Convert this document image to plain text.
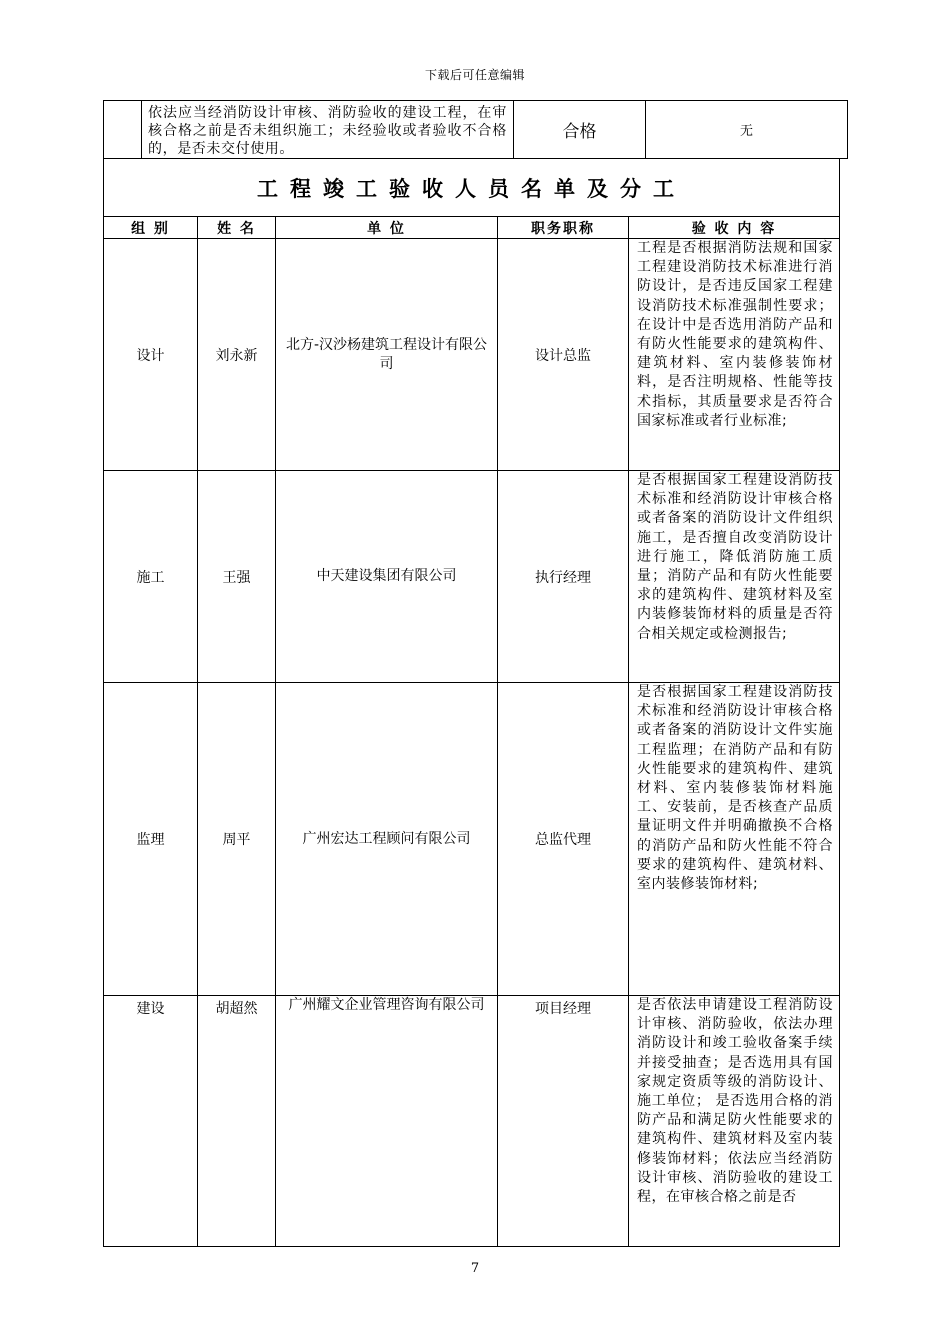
下载后可任意编辑
	依法应当经消防设计审核、消防验收的建设工程，在审核合格之前是否未组织施工；未经验收或者验收不合格的，是否未交付使用。	合格	无
工程竣工验收人员名单及分工				
组 别	姓 名	单 位	职务职称	验 收 内 容
设计	刘永新	北方-汉沙杨建筑工程设计有限公司	设计总监	工程是否根据消防法规和国家工程建设消防技术标准进行消防设计，是否违反国家工程建设消防技术标准强制性要求；在设计中是否选用消防产品和有防火性能要求的建筑构件、建筑材料、室内装修装饰材料，是否注明规格、性能等技术指标，其质量要求是否符合国家标准或者行业标准;
施工	王强	中天建设集团有限公司	执行经理	是否根据国家工程建设消防技术标准和经消防设计审核合格或者备案的消防设计文件组织施工，是否擅自改变消防设计进行施工，降低消防施工质量；消防产品和有防火性能要求的建筑构件、建筑材料及室内装修装饰材料的质量是否符合相关规定或检测报告;
监理	周平	广州宏达工程顾问有限公司	总监代理	是否根据国家工程建设消防技术标准和经消防设计审核合格或者备案的消防设计文件实施工程监理；在消防产品和有防火性能要求的建筑构件、建筑材料、室内装修装饰材料施工、安装前，是否核查产品质量证明文件并明确撤换不合格的消防产品和防火性能不符合要求的建筑构件、建筑材料、室内装修装饰材料;
建设	胡超然	广州耀文企业管理咨询有限公司	项目经理	是否依法申请建设工程消防设计审核、消防验收，依法办理消防设计和竣工验收备案手续并接受抽查；是否选用具有国家规定资质等级的消防设计、施工单位； 是否选用合格的消防产品和满足防火性能要求的建筑构件、建筑材料及室内装修装饰材料；依法应当经消防设计审核、消防验收的建设工程，在审核合格之前是否
7
